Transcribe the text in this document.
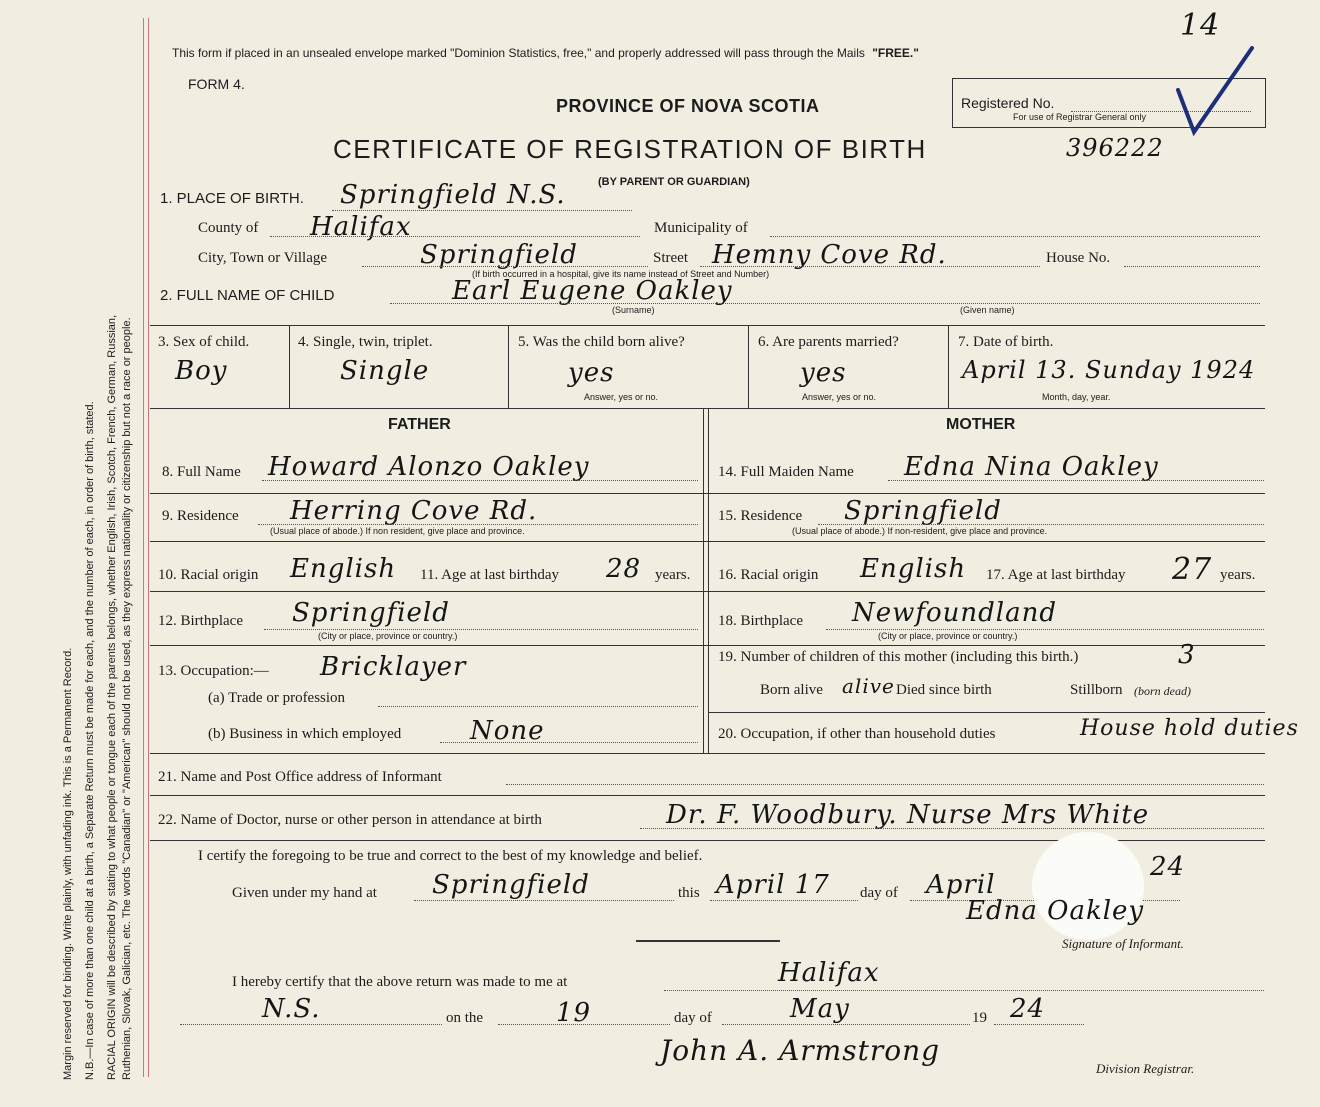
14
Margin reserved for binding. Write plainly, with unfading ink. This is a Permanent Record. N.B.—In case of more than one child at a birth, a Separate Return must be made for each, and the number of each, in order of birth, stated. RACIAL ORIGIN will be described by stating to what people or tongue each of the parents belongs, whether English, Irish, Scotch, French, German, Russian, Ruthenian, Slovak, Galician, etc. The words "Canadian" or "American" should not be used, as they express nationality or citizenship but not a race or people.
This form if placed in an unsealed envelope marked "Dominion Statistics, free," and properly addressed will pass through the Mails "FREE."
FORM 4.
PROVINCE OF NOVA SCOTIA	Registered No.
For use of Registrar General only
CERTIFICATE OF REGISTRATION OF BIRTH	396222
(BY PARENT OR GUARDIAN)
1. PLACE OF BIRTH. Springfield N.S.
County of Halifax	Municipality of
City, Town or Village	Springfield	Street Hemny Cove Rd.	House No.
(If birth occurred in a hospital, give its name instead of Street and Number)
2. FULL NAME OF CHILD	Earl Eugene Oakley
(Surname)	(Given name)
3. Sex of child.
Boy
4. Single, twin, triplet.
Single
5. Was the child born alive?
yes
Answer, yes or no.
6. Are parents married?
yes
Answer, yes or no.
7. Date of birth.
April 13. Sunday 1924
Month, day, year.
FATHER	MOTHER
8. Full Name Howard Alonzo Oakley	14. Full Maiden Name Edna Nina Oakley
9. Residence Herring Cove Rd.
(Usual place of abode.) If non resident, give place and province.
15. Residence Springfield
(Usual place of abode.) If non-resident, give place and province.
10. Racial origin English 11. Age at last birthday 28 years. 16. Racial origin English 17. Age at last birthday 27 years.
12. Birthplace Springfield
(City or place, province or country.)
18. Birthplace Newfoundland
(City or place, province or country.)
13. Occupation:— Bricklayer
(a) Trade or profession
19. Number of children of this mother (including this birth.)	3
Born alive alive Died since birth	Stillborn (born dead)
(b) Business in which employed	None	20. Occupation, if other than household duties	House hold duties
21. Name and Post Office address of Informant
22. Name of Doctor, nurse or other person in attendance at birth	Dr. F. Woodbury. Nurse Mrs White
I certify the foregoing to be true and correct to the best of my knowledge and belief.
Given under my hand at Springfield	this April 17 day of April
24
Edna Oakley
Signature of Informant.
I hereby certify that the above return was made to me at	Halifax
N.S.	on the	19	day of	May	19 24
John A. Armstrong
Division Registrar.
